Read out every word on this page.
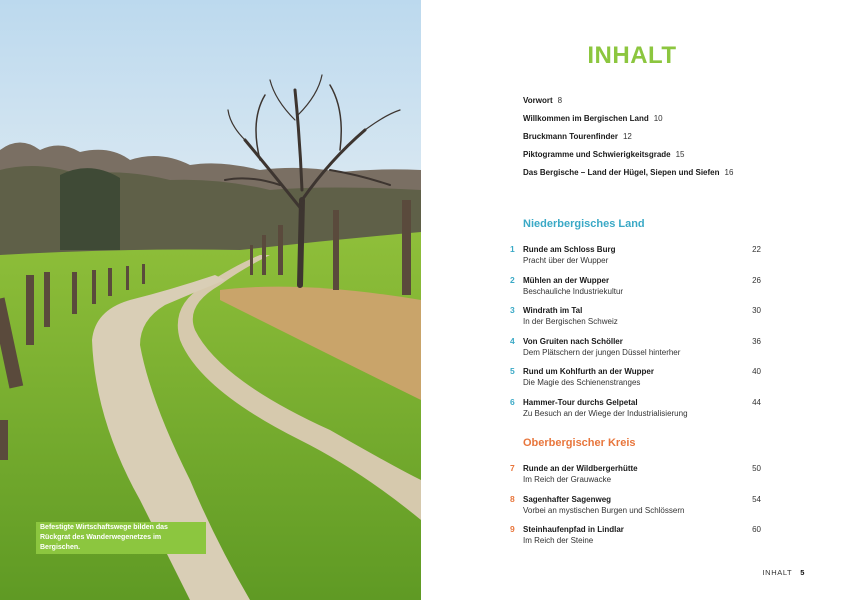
Befestigte Wirtschaftswege bilden das
Rückgrat des Wanderwegenetzes im Bergischen.
INHALT
Vorwort 8
Willkommen im Bergischen Land 10
Bruckmann Tourenfinder 12
Piktogramme und Schwierigkeitsgrade 15
Das Bergische – Land der Hügel, Siepen und Siefen 16
Niederbergisches Land
1 Runde am Schloss Burg
Pracht über der Wupper
22
2 Mühlen an der Wupper
Beschauliche Industriekultur
26
3 Windrath im Tal
In der Bergischen Schweiz
30
4 Von Gruiten nach Schöller
Dem Plätschern der jungen Düssel hinterher
36
5 Rund um Kohlfurth an der Wupper
Die Magie des Schienenstranges
40
6 Hammer-Tour durchs Gelpetal
Zu Besuch an der Wiege der Industrialisierung
44
Oberbergischer Kreis
7 Runde an der Wildbergerhütte
Im Reich der Grauwacke
50
8 Sagenhafter Sagenweg
Vorbei an mystischen Burgen und Schlössern
54
9 Steinhaufenpfad in Lindlar
Im Reich der Steine
60
INHALT 5
